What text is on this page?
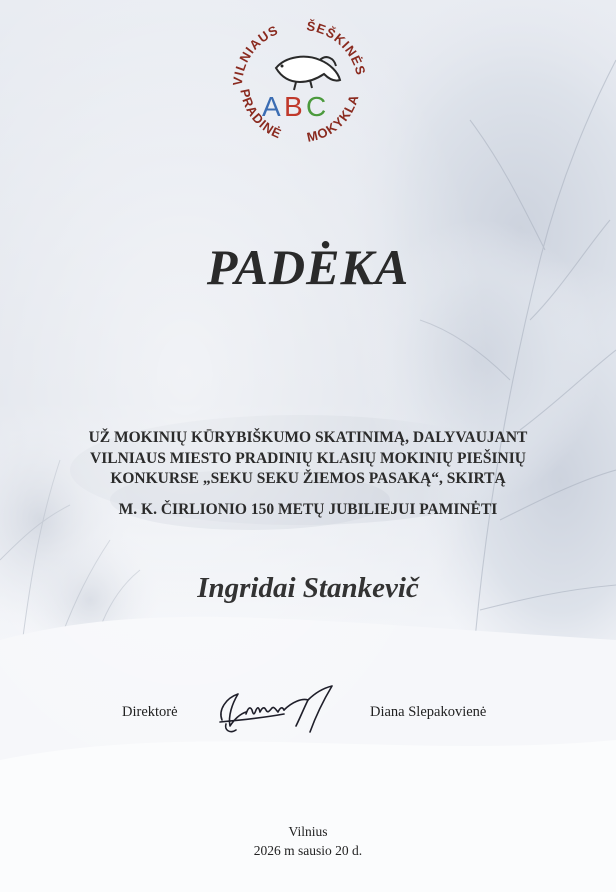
VILNIAUS ŠEŠKINĖS
PRADINĖ MOKYKLA
A B C
PADĖKA
UŽ MOKINIŲ KŪRYBIŠKUMO SKATINIMĄ, DALYVAUJANT
VILNIAUS MIESTO PRADINIŲ KLASIŲ MOKINIŲ PIEŠINIŲ
KONKURSE „SEKU SEKU ŽIEMOS PASAKĄ“, SKIRTĄ
M. K. ČIRLIONIO 150 METŲ JUBILIEJUI PAMINĖTI
Ingridai Stankevič
Direktorė	Diana Slepakovienė
Vilnius
2026 m sausio 20 d.
